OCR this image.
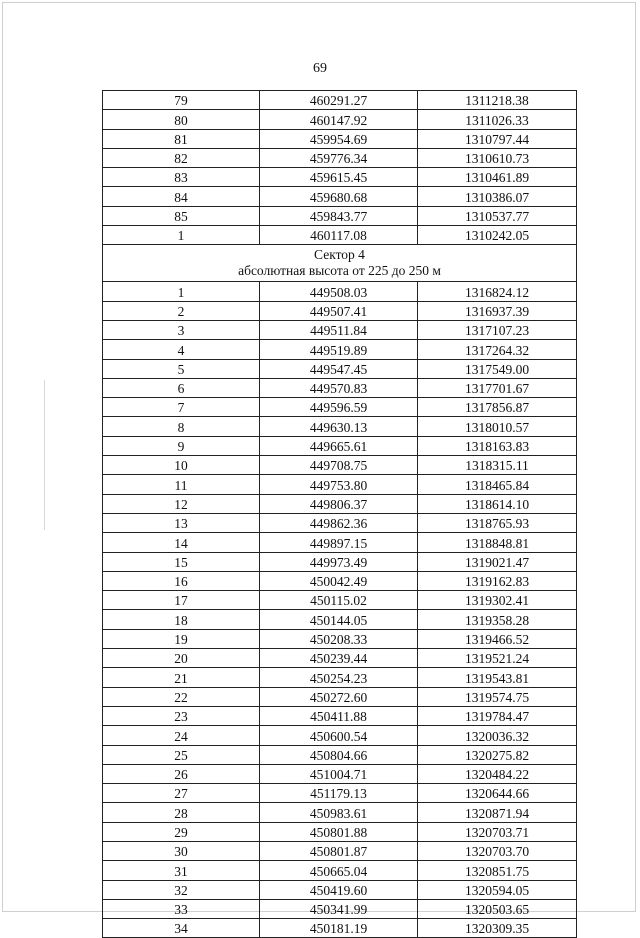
69
79	460291.27	1311218.38
80	460147.92	1311026.33
81	459954.69	1310797.44
82	459776.34	1310610.73
83	459615.45	1310461.89
84	459680.68	1310386.07
85	459843.77	1310537.77
1	460117.08	1310242.05

Сектор 4
абсолютная высота от 225 до 250 м		

1	449508.03	1316824.12
2	449507.41	1316937.39
3	449511.84	1317107.23
4	449519.89	1317264.32
5	449547.45	1317549.00
6	449570.83	1317701.67
7	449596.59	1317856.87
8	449630.13	1318010.57
9	449665.61	1318163.83
10	449708.75	1318315.11
11	449753.80	1318465.84
12	449806.37	1318614.10
13	449862.36	1318765.93
14	449897.15	1318848.81
15	449973.49	1319021.47
16	450042.49	1319162.83
17	450115.02	1319302.41
18	450144.05	1319358.28
19	450208.33	1319466.52
20	450239.44	1319521.24
21	450254.23	1319543.81
22	450272.60	1319574.75
23	450411.88	1319784.47
24	450600.54	1320036.32
25	450804.66	1320275.82
26	451004.71	1320484.22
27	451179.13	1320644.66
28	450983.61	1320871.94
29	450801.88	1320703.71
30	450801.87	1320703.70
31	450665.04	1320851.75
32	450419.60	1320594.05
33	450341.99	1320503.65
34	450181.19	1320309.35
